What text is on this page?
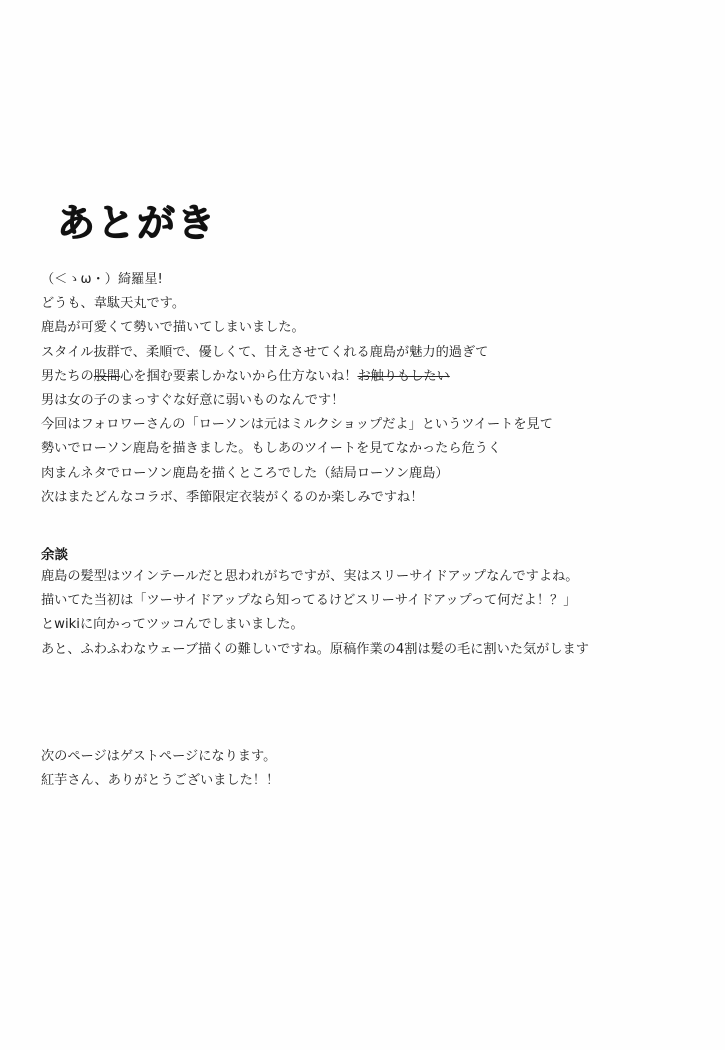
あとがき
（＜ゝω・）綺羅星!
どうも、韋駄天丸です。
鹿島が可愛くて勢いで描いてしまいました。
スタイル抜群で、柔順で、優しくて、甘えさせてくれる鹿島が魅力的過ぎて
男たちの股間心を掴む要素しかないから仕方ないね！お触りもしたい
男は女の子のまっすぐな好意に弱いものなんです！
今回はフォロワーさんの「ローソンは元はミルクショップだよ」というツイートを見て
勢いでローソン鹿島を描きました。もしあのツイートを見てなかったら危うく
肉まんネタでローソン鹿島を描くところでした（結局ローソン鹿島）
次はまたどんなコラボ、季節限定衣装がくるのか楽しみですね！
余談
鹿島の髪型はツインテールだと思われがちですが、実はスリーサイドアップなんですよね。
描いてた当初は「ツーサイドアップなら知ってるけどスリーサイドアップって何だよ！？」
とwikiに向かってツッコんでしまいました。
あと、ふわふわなウェーブ描くの難しいですね。原稿作業の4割は髪の毛に割いた気がします
次のページはゲストページになります。
紅芋さん、ありがとうございました！！
